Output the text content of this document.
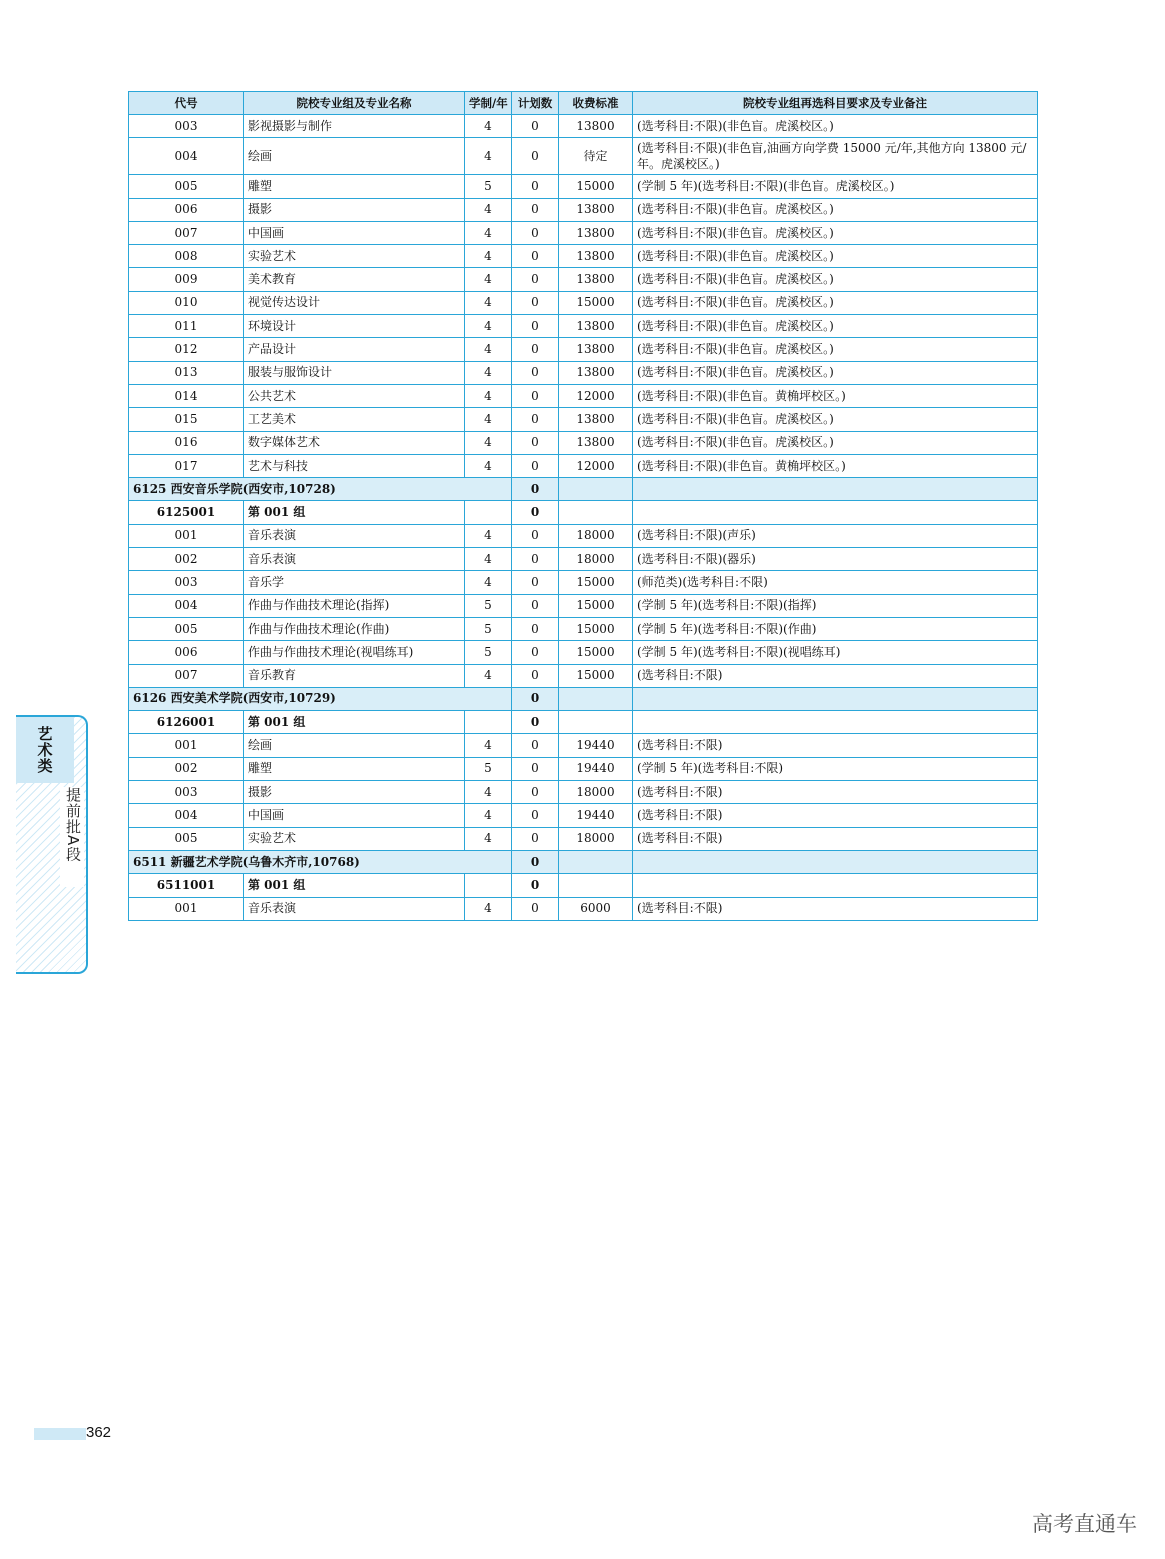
代号	院校专业组及专业名称	学制/年	计划数	收费标准	院校专业组再选科目要求及专业备注
003	影视摄影与制作	4	0	13800	(选考科目:不限)(非色盲。虎溪校区。)
004	绘画	4	0	待定	(选考科目:不限)(非色盲,油画方向学费 15000 元/年,其他方向 13800 元/年。虎溪校区。)
005	雕塑	5	0	15000	(学制 5 年)(选考科目:不限)(非色盲。虎溪校区。)
006	摄影	4	0	13800	(选考科目:不限)(非色盲。虎溪校区。)
007	中国画	4	0	13800	(选考科目:不限)(非色盲。虎溪校区。)
008	实验艺术	4	0	13800	(选考科目:不限)(非色盲。虎溪校区。)
009	美术教育	4	0	13800	(选考科目:不限)(非色盲。虎溪校区。)
010	视觉传达设计	4	0	15000	(选考科目:不限)(非色盲。虎溪校区。)
011	环境设计	4	0	13800	(选考科目:不限)(非色盲。虎溪校区。)
012	产品设计	4	0	13800	(选考科目:不限)(非色盲。虎溪校区。)
013	服装与服饰设计	4	0	13800	(选考科目:不限)(非色盲。虎溪校区。)
014	公共艺术	4	0	12000	(选考科目:不限)(非色盲。黄桷坪校区。)
015	工艺美术	4	0	13800	(选考科目:不限)(非色盲。虎溪校区。)
016	数字媒体艺术	4	0	13800	(选考科目:不限)(非色盲。虎溪校区。)
017	艺术与科技	4	0	12000	(选考科目:不限)(非色盲。黄桷坪校区。)
6125 西安音乐学院(西安市,10728)			0		
6125001	第 001 组		0		
001	音乐表演	4	0	18000	(选考科目:不限)(声乐)
002	音乐表演	4	0	18000	(选考科目:不限)(器乐)
003	音乐学	4	0	15000	(师范类)(选考科目:不限)
004	作曲与作曲技术理论(指挥)	5	0	15000	(学制 5 年)(选考科目:不限)(指挥)
005	作曲与作曲技术理论(作曲)	5	0	15000	(学制 5 年)(选考科目:不限)(作曲)
006	作曲与作曲技术理论(视唱练耳)	5	0	15000	(学制 5 年)(选考科目:不限)(视唱练耳)
007	音乐教育	4	0	15000	(选考科目:不限)
6126 西安美术学院(西安市,10729)			0		
6126001	第 001 组		0		
001	绘画	4	0	19440	(选考科目:不限)
002	雕塑	5	0	19440	(学制 5 年)(选考科目:不限)
003	摄影	4	0	18000	(选考科目:不限)
004	中国画	4	0	19440	(选考科目:不限)
005	实验艺术	4	0	18000	(选考科目:不限)
6511 新疆艺术学院(乌鲁木齐市,10768)			0		
6511001	第 001 组		0		
001	音乐表演	4	0	6000	(选考科目:不限)
艺术类
提前批A段
362
高考直通车
